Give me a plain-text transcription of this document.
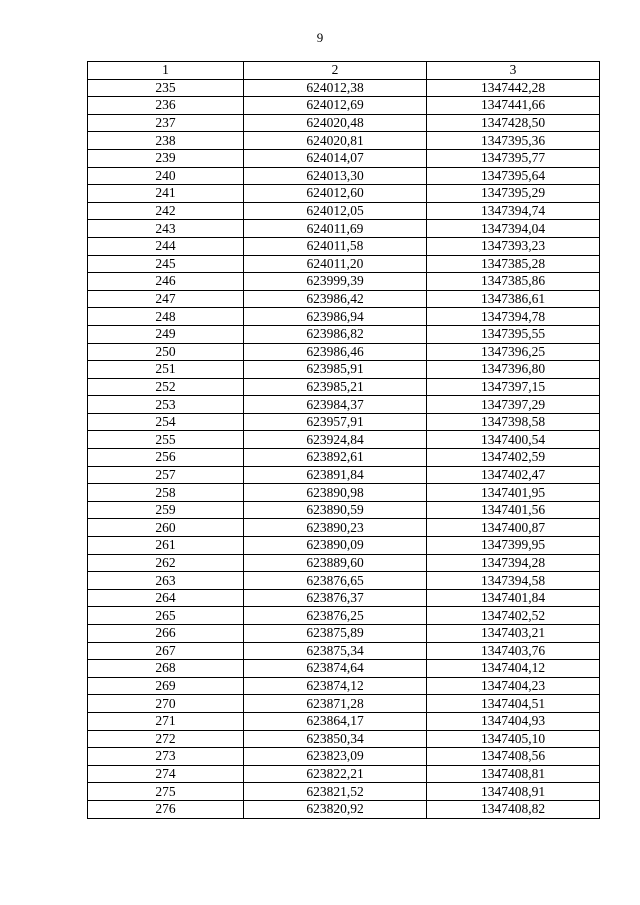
9
1	2	3
235	624012,38	1347442,28
236	624012,69	1347441,66
237	624020,48	1347428,50
238	624020,81	1347395,36
239	624014,07	1347395,77
240	624013,30	1347395,64
241	624012,60	1347395,29
242	624012,05	1347394,74
243	624011,69	1347394,04
244	624011,58	1347393,23
245	624011,20	1347385,28
246	623999,39	1347385,86
247	623986,42	1347386,61
248	623986,94	1347394,78
249	623986,82	1347395,55
250	623986,46	1347396,25
251	623985,91	1347396,80
252	623985,21	1347397,15
253	623984,37	1347397,29
254	623957,91	1347398,58
255	623924,84	1347400,54
256	623892,61	1347402,59
257	623891,84	1347402,47
258	623890,98	1347401,95
259	623890,59	1347401,56
260	623890,23	1347400,87
261	623890,09	1347399,95
262	623889,60	1347394,28
263	623876,65	1347394,58
264	623876,37	1347401,84
265	623876,25	1347402,52
266	623875,89	1347403,21
267	623875,34	1347403,76
268	623874,64	1347404,12
269	623874,12	1347404,23
270	623871,28	1347404,51
271	623864,17	1347404,93
272	623850,34	1347405,10
273	623823,09	1347408,56
274	623822,21	1347408,81
275	623821,52	1347408,91
276	623820,92	1347408,82
